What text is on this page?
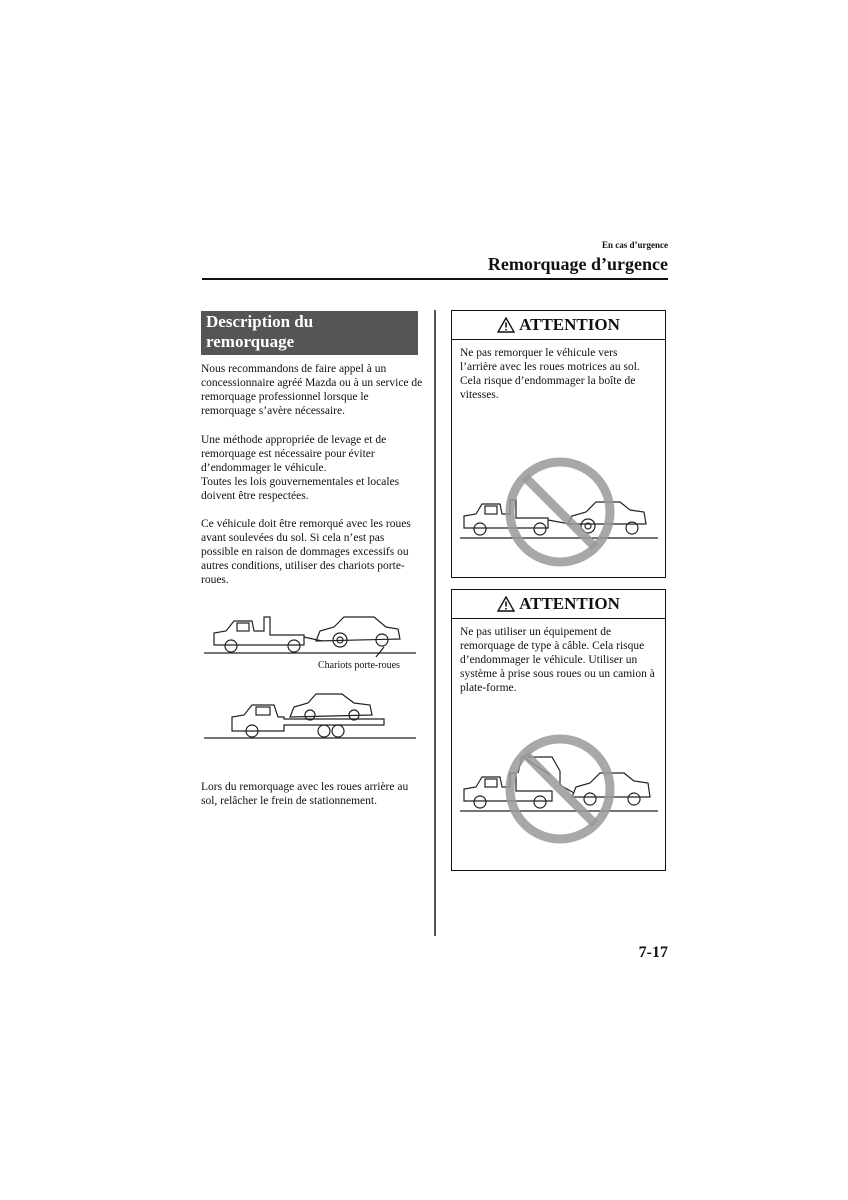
En cas d’urgence
Remorquage d’urgence
Description du
remorquage

Nous recommandons de faire appel à un concessionnaire agréé Mazda ou à un service de remorquage professionnel lorsque le remorquage s’avère nécessaire.

Une méthode appropriée de levage et de remorquage est nécessaire pour éviter d’endommager le véhicule.

Toutes les lois gouvernementales et locales doivent être respectées.

Ce véhicule doit être remorqué avec les roues avant soulevées du sol. Si cela n’est pas possible en raison de dommages excessifs ou autres conditions, utiliser des chariots porte-roues.

Chariots porte-roues

Lors du remorquage avec les roues arrière au sol, relâcher le frein de stationnement.

ATTENTION

Ne pas remorquer le véhicule vers l’arrière avec les roues motrices au sol. Cela risque d’endommager la boîte de vitesses.

ATTENTION

Ne pas utiliser un équipement de remorquage de type à câble. Cela risque d’endommager le véhicule. Utiliser un système à prise sous roues ou un camion à plate-forme.

7-17
